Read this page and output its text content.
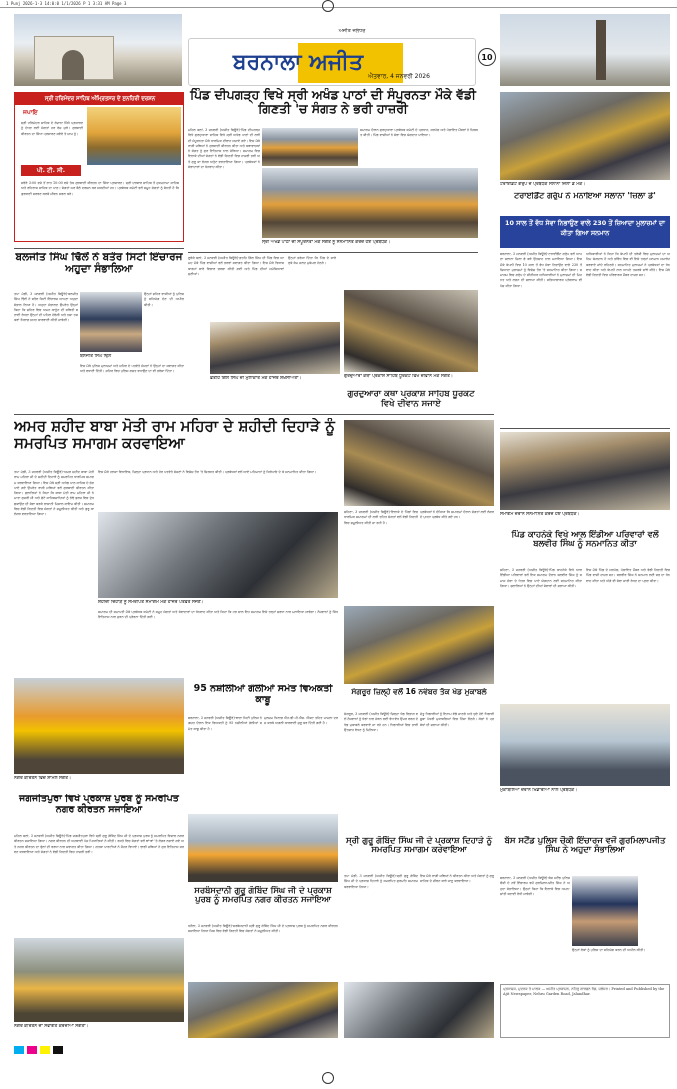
1 Punj 2026-1-3 14:0:0 1/1/2026 P 1 3:31 AM Page 3
ਬਰਨਾਲਾ ਅਜੀਤ
ਐਤਵਾਰ, 4 ਜਨਵਰੀ 2026
ਅਜੀਤ ਜਲੰਧਰ
10
ਸ੍ਰੀ ਹਰਿਮੰਦਰ ਸਾਹਿਬ ਅੰਮ੍ਰਿਤਸਰ ਦੇ ਸੁਨਹਿਰੀ ਦਰਸ਼ਨ
ਜਪਾਇ
ਸ੍ਰੀ ਹਰਿਮੰਦਰ ਸਾਹਿਬ ਦੇ ਰੋਜ਼ਾਨਾ ਸਿੱਧੇ ਪ੍ਰਸਾਰਣ ਨੂੰ ਦੇਖਣ ਲਈ ਸੰਗਤਾਂ ਹਰ ਰੋਜ਼ ਜੁੜੋ। ਗੁਰਬਾਣੀ ਕੀਰਤਨ ਦਾ ਸਿੱਧਾ ਪ੍ਰਸਾਰਣ ਸਵੇਰੇ ਤੇ ਸ਼ਾਮ ਨੂੰ।
ਪੀ. ਟੀ. ਸੀ.
ਸਵੇਰੇ 3:00 ਵਜੇ ਤੋਂ ਰਾਤ 10:00 ਵਜੇ ਤੱਕ ਗੁਰਬਾਣੀ ਕੀਰਤਨ ਦਾ ਸਿੱਧਾ ਪ੍ਰਸਾਰਣ। ਸ੍ਰੀ ਦਰਬਾਰ ਸਾਹਿਬ ਤੋਂ ਹੁਕਮਨਾਮਾ ਸਾਹਿਬ ਅਤੇ ਰਹਿਰਾਸ ਸਾਹਿਬ ਦਾ ਪਾਠ। ਸੰਗਤਾਂ ਘਰ ਬੈਠੇ ਦਰਸ਼ਨ ਕਰ ਸਕਦੀਆਂ ਹਨ। ਪ੍ਰਬੰਧਕ ਕਮੇਟੀ ਵਲੋਂ ਸਮੂਹ ਸੰਗਤਾਂ ਨੂੰ ਬੇਨਤੀ ਹੈ ਕਿ ਗੁਰਬਾਣੀ ਸਰਵਣ ਕਰਕੇ ਜੀਵਨ ਸਫਲ ਕਰੋ।
ਪਿੰਡ ਦੀਪਗੜ੍ਹ ਵਿਖੇ ਸ੍ਰੀ ਅਖੰਡ ਪਾਠਾਂ ਦੀ ਸੰਪੂਰਨਤਾ ਮੌਕੇ ਵੱਡੀ ਗਿਣਤੀ 'ਚ ਸੰਗਤ ਨੇ ਭਰੀ ਹਾਜ਼ਰੀ
ਮਹਿਲ ਕਲਾਂ, 3 ਜਨਵਰੀ (ਅਜੀਤ ਬਿਊਰੋ)-ਪਿੰਡ ਦੀਪਗੜ੍ਹ ਵਿਖੇ ਗੁਰਦੁਆਰਾ ਸਾਹਿਬ ਵਿਖੇ ਸ੍ਰੀ ਅਖੰਡ ਪਾਠਾਂ ਦੀ ਲੜੀ ਦੀ ਸੰਪੂਰਨਤਾ ਮੌਕੇ ਧਾਰਮਿਕ ਦੀਵਾਨ ਸਜਾਏ ਗਏ। ਇਸ ਮੌਕੇ ਰਾਗੀ ਜਥਿਆਂ ਨੇ ਗੁਰਬਾਣੀ ਕੀਰਤਨ ਕੀਤਾ ਅਤੇ ਕਥਾਵਾਚਕਾਂ ਨੇ ਸੰਗਤ ਨੂੰ ਗੁਰ ਇਤਿਹਾਸ ਨਾਲ ਜੋੜਿਆ। ਸਮਾਗਮ ਵਿਚ ਇਲਾਕੇ ਦੀਆਂ ਸੰਗਤਾਂ ਨੇ ਵੱਡੀ ਗਿਣਤੀ ਵਿਚ ਹਾਜ਼ਰੀ ਭਰੀ ਅਤੇ ਗੁਰੂ ਕਾ ਲੰਗਰ ਅਤੁੱਟ ਵਰਤਾਇਆ ਗਿਆ। ਪ੍ਰਬੰਧਕਾਂ ਨੇ ਸੇਵਾਦਾਰਾਂ ਦਾ ਧੰਨਵਾਦ ਕੀਤਾ।
ਸਮਾਗਮ ਦੌਰਾਨ ਗੁਰਦੁਆਰਾ ਪ੍ਰਬੰਧਕ ਕਮੇਟੀ ਦੇ ਪ੍ਰਧਾਨ, ਸਰਪੰਚ ਅਤੇ ਪੰਚਾਇਤ ਮੈਂਬਰਾਂ ਨੇ ਸ਼ਿਰਕਤ ਕੀਤੀ। ਪਿੰਡ ਵਾਸੀਆਂ ਨੇ ਸੇਵਾ ਵਿਚ ਯੋਗਦਾਨ ਪਾਇਆ।
ਸ੍ਰੀ ਅਖੰਡ ਪਾਠਾਂ ਦੀ ਸੰਪੂਰਨਤਾ ਮੌਕੇ ਸੰਗਤ ਨੂੰ ਸਨਮਾਨਿਤ ਕਰਦੇ ਹੋਏ ਪ੍ਰਬੰਧਕ।
ਟਰਾਈਡੈਂਟ ਗਰੁੱਪ ਦੇ ਪ੍ਰਬੰਧਕ ਸਲਾਨਾ ਜ਼ਿਲਾ ਡੇ ਮੌਕੇ।
ਟਰਾਈਡੈਂਟ ਗਰੁੱਪ ਨੇ ਮਨਾਇਆ ਸਲਾਨਾ 'ਜ਼ਿਲਾ ਡੇ'
10 ਸਾਲ ਤੋਂ ਵੱਧ ਸੇਵਾ ਨਿਭਾਉਣ ਵਾਲੇ 230 ਤੋਂ ਜ਼ਿਆਦਾ ਮੁਲਾਜ਼ਮਾਂ ਦਾ ਕੀਤਾ ਗਿਆ ਸਨਮਾਨ
ਬਰਨਾਲਾ, 3 ਜਨਵਰੀ (ਅਜੀਤ ਬਿਊਰੋ)-ਟਰਾਈਡੈਂਟ ਗਰੁੱਪ ਵਲੋਂ ਆਪਣਾ ਸਲਾਨਾ ਜ਼ਿਲਾ ਡੇ ਬੜੇ ਉਤਸ਼ਾਹ ਨਾਲ ਮਨਾਇਆ ਗਿਆ। ਇਸ ਮੌਕੇ ਕੰਪਨੀ ਵਿਚ 10 ਸਾਲ ਤੋਂ ਵੱਧ ਸੇਵਾ ਨਿਭਾਉਣ ਵਾਲੇ 230 ਤੋਂ ਜ਼ਿਆਦਾ ਮੁਲਾਜ਼ਮਾਂ ਨੂੰ ਵਿਸ਼ੇਸ਼ ਤੌਰ 'ਤੇ ਸਨਮਾਨਿਤ ਕੀਤਾ ਗਿਆ। ਸਮਾਗਮ ਵਿਚ ਗਰੁੱਪ ਦੇ ਸੀਨੀਅਰ ਅਧਿਕਾਰੀਆਂ ਨੇ ਮੁਲਾਜ਼ਮਾਂ ਦੀ ਮਿਹਨਤ ਅਤੇ ਲਗਨ ਦੀ ਸ਼ਲਾਘਾ ਕੀਤੀ। ਸਭਿਆਚਾਰਕ ਪ੍ਰੋਗਰਾਮ ਵੀ ਪੇਸ਼ ਕੀਤਾ ਗਿਆ।
ਅਧਿਕਾਰੀਆਂ ਨੇ ਕਿਹਾ ਕਿ ਕੰਪਨੀ ਦੀ ਤਰੱਕੀ ਵਿਚ ਮੁਲਾਜ਼ਮਾਂ ਦਾ ਅਹਿਮ ਯੋਗਦਾਨ ਹੈ ਅਤੇ ਭਵਿੱਖ ਵਿਚ ਵੀ ਇਸੇ ਤਰ੍ਹਾਂ ਸਨਮਾਨ ਸਮਾਰੋਹ ਕਰਵਾਏ ਜਾਂਦੇ ਰਹਿਣਗੇ। ਸਨਮਾਨਿਤ ਮੁਲਾਜ਼ਮਾਂ ਨੇ ਪ੍ਰਬੰਧਕਾਂ ਦਾ ਧੰਨਵਾਦ ਕੀਤਾ ਅਤੇ ਕੰਪਨੀ ਨਾਲ ਆਪਣੇ ਤਜਰਬੇ ਸਾਂਝੇ ਕੀਤੇ। ਇਸ ਮੌਕੇ ਵੱਡੀ ਗਿਣਤੀ ਵਿਚ ਪਰਿਵਾਰਕ ਮੈਂਬਰ ਹਾਜ਼ਰ ਸਨ।
ਬਲਜੀਤ ਸਿੰਘ ਢਿੱਲੋਂ ਨੇ ਬਤੌਰ ਸਿਟੀ ਇੰਚਾਰਜ ਅਹੁਦਾ ਸੰਭਾਲਿਆ
ਤਪਾ ਮੰਡੀ, 3 ਜਨਵਰੀ (ਅਜੀਤ ਬਿਊਰੋ)-ਬਲਜੀਤ ਸਿੰਘ ਢਿੱਲੋਂ ਨੇ ਬਤੌਰ ਸਿਟੀ ਇੰਚਾਰਜ ਆਪਣਾ ਅਹੁਦਾ ਸੰਭਾਲ ਲਿਆ ਹੈ। ਅਹੁਦਾ ਸੰਭਾਲਣ ਉਪਰੰਤ ਉਨ੍ਹਾਂ ਕਿਹਾ ਕਿ ਸ਼ਹਿਰ ਵਿਚ ਅਮਨ ਕਾਨੂੰਨ ਦੀ ਸਥਿਤੀ ਬਣਾਈ ਰੱਖਣਾ ਉਨ੍ਹਾਂ ਦੀ ਪਹਿਲ ਹੋਵੇਗੀ ਅਤੇ ਨਸ਼ਾ ਤਸਕਰਾਂ ਖ਼ਿਲਾਫ਼ ਸਖ਼ਤ ਕਾਰਵਾਈ ਕੀਤੀ ਜਾਵੇਗੀ।
ਉਨ੍ਹਾਂ ਸ਼ਹਿਰ ਵਾਸੀਆਂ ਨੂੰ ਪੁਲਿਸ ਨੂੰ ਸਹਿਯੋਗ ਦੇਣ ਦੀ ਅਪੀਲ ਕੀਤੀ।
ਬਲਜੀਤ ਸਿੰਘ ਢਿੱਲੋਂ
ਇਸ ਮੌਕੇ ਪੁਲਿਸ ਮੁਲਾਜ਼ਮਾਂ ਅਤੇ ਸ਼ਹਿਰ ਦੇ ਪਤਵੰਤੇ ਸੱਜਣਾਂ ਨੇ ਉਨ੍ਹਾਂ ਦਾ ਸਵਾਗਤ ਕੀਤਾ ਅਤੇ ਵਧਾਈ ਦਿੱਤੀ। ਸ਼ਹਿਰ ਵਿਚ ਪੁਲਿਸ ਗਸ਼ਤ ਵਧਾਉਣ ਦਾ ਵੀ ਭਰੋਸਾ ਦਿੱਤਾ।
ਰੂੜੇਕੇ ਕਲਾਂ, 3 ਜਨਵਰੀ (ਅਜੀਤ ਬਿਊਰੋ)-ਫ਼ਤਹਿ ਗਿੱਲ ਸਿੰਘ ਦੀ ਪਿੰਡ ਵਿਚ ਆਮਦ ਮੌਕੇ ਪਿੰਡ ਵਾਸੀਆਂ ਵਲੋਂ ਭਰਵਾਂ ਸਵਾਗਤ ਕੀਤਾ ਗਿਆ। ਇਸ ਮੌਕੇ ਵਿਕਾਸ ਕਾਰਜਾਂ ਬਾਰੇ ਵਿਚਾਰ ਚਰਚਾ ਕੀਤੀ ਗਈ ਅਤੇ ਪਿੰਡ ਦੀਆਂ ਸਮੱਸਿਆਵਾਂ ਸੁਣੀਆਂ।
ਉਨ੍ਹਾਂ ਭਰੋਸਾ ਦਿੱਤਾ ਕਿ ਪਿੰਡ ਦੇ ਸਾਰੇ ਰੁਕੇ ਕੰਮ ਜਲਦ ਮੁਕੰਮਲ ਹੋਣਗੇ।
ਫ਼ਤਹਿ ਗਿੱਲ ਸਿੰਘ ਦੀ ਮੁਲਾਕਾਤ ਮੌਕੇ ਹਾਜ਼ਰ ਸ਼ਖ਼ਸੀਅਤਾਂ।	ਗੁਰਦੁਆਰਾ ਕਥਾ ਪ੍ਰਕਾਸ਼ ਸਾਹਿਬ ਧੂਰਕੋਟ ਵਿਖੇ ਦੀਵਾਨ ਮੌਕੇ ਸੰਗਤ।
ਗੁਰਦੁਆਰਾ ਕਥਾ ਪ੍ਰਕਾਸ਼ ਸਾਹਿਬ ਧੂਰਕੋਟ ਵਿਖੇ ਦੀਵਾਨ ਸਜਾਏ
ਅਮਰ ਸ਼ਹੀਦ ਬਾਬਾ ਮੋਤੀ ਰਾਮ ਮਹਿਰਾ ਦੇ ਸ਼ਹੀਦੀ ਦਿਹਾੜੇ ਨੂੰ ਸਮਰਪਿਤ ਸਮਾਗਮ ਕਰਵਾਇਆ
ਤਪਾ ਮੰਡੀ, 3 ਜਨਵਰੀ (ਅਜੀਤ ਬਿਊਰੋ)-ਅਮਰ ਸ਼ਹੀਦ ਬਾਬਾ ਮੋਤੀ ਰਾਮ ਮਹਿਰਾ ਜੀ ਦੇ ਸ਼ਹੀਦੀ ਦਿਹਾੜੇ ਨੂੰ ਸਮਰਪਿਤ ਧਾਰਮਿਕ ਸਮਾਗਮ ਕਰਵਾਇਆ ਗਿਆ। ਇਸ ਮੌਕੇ ਸ੍ਰੀ ਅਖੰਡ ਪਾਠ ਸਾਹਿਬ ਦੇ ਭੋਗ ਪਾਏ ਗਏ ਉਪਰੰਤ ਰਾਗੀ ਜਥਿਆਂ ਵਲੋਂ ਗੁਰਬਾਣੀ ਕੀਰਤਨ ਕੀਤਾ ਗਿਆ। ਬੁਲਾਰਿਆਂ ਨੇ ਕਿਹਾ ਕਿ ਬਾਬਾ ਮੋਤੀ ਰਾਮ ਮਹਿਰਾ ਜੀ ਨੇ ਮਾਤਾ ਗੁਜਰੀ ਜੀ ਅਤੇ ਛੋਟੇ ਸਾਹਿਬਜ਼ਾਦਿਆਂ ਨੂੰ ਠੰਢੇ ਬੁਰਜ ਵਿਚ ਦੁੱਧ ਛਕਾਉਣ ਦੀ ਸੇਵਾ ਕਰਕੇ ਲਾਸਾਨੀ ਮਿਸਾਲ ਕਾਇਮ ਕੀਤੀ। ਸਮਾਗਮ ਵਿਚ ਵੱਡੀ ਗਿਣਤੀ ਵਿਚ ਸੰਗਤਾਂ ਨੇ ਸ਼ਮੂਲੀਅਤ ਕੀਤੀ ਅਤੇ ਗੁਰੂ ਕਾ ਲੰਗਰ ਵਰਤਾਇਆ ਗਿਆ।
ਇਸ ਮੌਕੇ ਹਲਕਾ ਵਿਧਾਇਕ, ਜ਼ਿਲ੍ਹਾ ਪ੍ਰਧਾਨ ਅਤੇ ਹੋਰ ਪਤਵੰਤੇ ਸੱਜਣਾਂ ਨੇ ਵਿਸ਼ੇਸ਼ ਤੌਰ 'ਤੇ ਸ਼ਿਰਕਤ ਕੀਤੀ। ਪ੍ਰਬੰਧਕਾਂ ਵਲੋਂ ਆਏ ਮਹਿਮਾਨਾਂ ਨੂੰ ਸਿਰੋਪਾਓ ਦੇ ਕੇ ਸਨਮਾਨਿਤ ਕੀਤਾ ਗਿਆ।
ਸ਼ਹੀਦੀ ਦਿਹਾੜੇ ਨੂੰ ਸਮਰਪਿਤ ਸਮਾਗਮ ਮੌਕੇ ਹਾਜ਼ਰ ਪਤਵੰਤੇ ਸੱਜਣ।
ਸਮਾਗਮ ਦੀ ਸਮਾਪਤੀ ਮੌਕੇ ਪ੍ਰਬੰਧਕ ਕਮੇਟੀ ਨੇ ਸਮੂਹ ਸੰਗਤਾਂ ਅਤੇ ਸੇਵਾਦਾਰਾਂ ਦਾ ਧੰਨਵਾਦ ਕੀਤਾ ਅਤੇ ਕਿਹਾ ਕਿ ਹਰ ਸਾਲ ਇਹ ਸਮਾਗਮ ਇਸੇ ਤਰ੍ਹਾਂ ਸ਼ਰਧਾ ਨਾਲ ਮਨਾਇਆ ਜਾਵੇਗਾ। ਨੌਜਵਾਨਾਂ ਨੂੰ ਸਿੱਖ ਇਤਿਹਾਸ ਨਾਲ ਜੁੜਨ ਦੀ ਪ੍ਰੇਰਨਾ ਦਿੱਤੀ ਗਈ।
ਸ਼ਹਿਣਾ, 3 ਜਨਵਰੀ (ਅਜੀਤ ਬਿਊਰੋ)-ਇਲਾਕੇ ਦੇ ਪਿੰਡਾਂ ਵਿਚ ਧਾਰਮਿਕ ਸਮਾਗਮਾਂ ਦੀ ਲੜੀ ਤਹਿਤ ਸੰਗਤਾਂ ਵਲੋਂ ਵੱਡੀ ਗਿਣਤੀ ਵਿਚ ਸ਼ਮੂਲੀਅਤ ਕੀਤੀ ਜਾ ਰਹੀ ਹੈ।
ਪ੍ਰਬੰਧਕਾਂ ਨੇ ਦੱਸਿਆ ਕਿ ਸਮਾਗਮਾਂ ਦੌਰਾਨ ਸੰਗਤਾਂ ਲਈ ਲੰਗਰ ਦੇ ਪੁਖਤਾ ਪ੍ਰਬੰਧ ਕੀਤੇ ਗਏ ਹਨ।
ਸਮਾਗਮ ਦੌਰਾਨ ਸਨਮਾਨਿਤ ਕਰਦੇ ਹੋਏ ਪ੍ਰਬੰਧਕ।
ਪਿੰਡ ਕਾਹਨੇਕੇ ਵਿਖੇ ਆਲ ਇੰਡੀਆ ਪਰਿਵਾਰਾਂ ਵਲੋਂ ਬਲਵੀਰ ਸਿੰਘ ਨੂੰ ਸਨਮਾਨਿਤ ਕੀਤਾ
ਸ਼ਹਿਣਾ, 3 ਜਨਵਰੀ (ਅਜੀਤ ਬਿਊਰੋ)-ਪਿੰਡ ਕਾਹਨੇਕੇ ਵਿਖੇ ਆਲ ਇੰਡੀਆ ਪਰਿਵਾਰਾਂ ਵਲੋਂ ਇਕ ਸਮਾਗਮ ਦੌਰਾਨ ਬਲਵੀਰ ਸਿੰਘ ਨੂੰ ਸਮਾਜ ਸੇਵਾ ਦੇ ਖੇਤਰ ਵਿਚ ਪਾਏ ਯੋਗਦਾਨ ਲਈ ਸਨਮਾਨਿਤ ਕੀਤਾ ਗਿਆ। ਬੁਲਾਰਿਆਂ ਨੇ ਉਨ੍ਹਾਂ ਦੀਆਂ ਸੇਵਾਵਾਂ ਦੀ ਸ਼ਲਾਘਾ ਕੀਤੀ।
ਇਸ ਮੌਕੇ ਪਿੰਡ ਦੇ ਸਰਪੰਚ, ਪੰਚਾਇਤ ਮੈਂਬਰ ਅਤੇ ਵੱਡੀ ਗਿਣਤੀ ਵਿਚ ਪਿੰਡ ਵਾਸੀ ਹਾਜ਼ਰ ਸਨ। ਬਲਵੀਰ ਸਿੰਘ ਨੇ ਸਨਮਾਨ ਲਈ ਸਭ ਦਾ ਧੰਨਵਾਦ ਕੀਤਾ ਅਤੇ ਅੱਗੇ ਵੀ ਸੇਵਾ ਜਾਰੀ ਰੱਖਣ ਦਾ ਪ੍ਰਣ ਕੀਤਾ।
ਨਗਰ ਕੀਰਤਨ ਵਿਚ ਸ਼ਾਮਲ ਸੰਗਤ।
ਜਗਜੀਤਪੁਰਾ ਵਿਖੇ ਪ੍ਰਕਾਸ਼ ਪੁਰਬ ਨੂੰ ਸਮਰਪਿਤ ਨਗਰ ਕੀਰਤਨ ਸਜਾਇਆ
ਮਹਿਲ ਕਲਾਂ, 3 ਜਨਵਰੀ (ਅਜੀਤ ਬਿਊਰੋ)-ਪਿੰਡ ਜਗਜੀਤਪੁਰਾ ਵਿਖੇ ਸ੍ਰੀ ਗੁਰੂ ਗੋਬਿੰਦ ਸਿੰਘ ਜੀ ਦੇ ਪ੍ਰਕਾਸ਼ ਪੁਰਬ ਨੂੰ ਸਮਰਪਿਤ ਵਿਸ਼ਾਲ ਨਗਰ ਕੀਰਤਨ ਸਜਾਇਆ ਗਿਆ। ਨਗਰ ਕੀਰਤਨ ਦੀ ਅਗਵਾਈ ਪੰਜ ਪਿਆਰਿਆਂ ਨੇ ਕੀਤੀ। ਰਸਤੇ ਵਿਚ ਸੰਗਤਾਂ ਵਲੋਂ ਥਾਂ-ਥਾਂ 'ਤੇ ਲੰਗਰ ਲਗਾਏ ਗਏ ਅਤੇ ਨਗਰ ਕੀਰਤਨ ਦਾ ਫੁੱਲਾਂ ਦੀ ਵਰਖਾ ਨਾਲ ਸਵਾਗਤ ਕੀਤਾ ਗਿਆ। ਗਤਕਾ ਪਾਰਟੀਆਂ ਨੇ ਜੌਹਰ ਵਿਖਾਏ। ਢਾਡੀ ਜਥਿਆਂ ਨੇ ਗੁਰ ਇਤਿਹਾਸ ਸਰਵਣ ਕਰਵਾਇਆ ਅਤੇ ਸੰਗਤਾਂ ਨੇ ਵੱਡੀ ਗਿਣਤੀ ਵਿਚ ਹਾਜ਼ਰੀ ਭਰੀ।
95 ਨਸ਼ੀਲੀਆਂ ਗੋਲੀਆਂ ਸਮੇਤ ਵਿਅਕਤੀ ਕਾਬੂ
ਬਰਨਾਲਾ, 3 ਜਨਵਰੀ (ਅਜੀਤ ਬਿਊਰੋ)-ਥਾਣਾ ਸਿਟੀ ਪੁਲਿਸ ਨੇ ਗਸ਼ਤ ਦੌਰਾਨ ਇਕ ਵਿਅਕਤੀ ਨੂੰ 95 ਨਸ਼ੀਲੀਆਂ ਗੋਲੀਆਂ ਸਮੇਤ ਕਾਬੂ ਕੀਤਾ ਹੈ।
ਮੁਲਜ਼ਮ ਖ਼ਿਲਾਫ਼ ਐਨ.ਡੀ.ਪੀ.ਐਸ. ਐਕਟ ਤਹਿਤ ਮਾਮਲਾ ਦਰਜ ਕਰਕੇ ਅਗਲੀ ਕਾਰਵਾਈ ਸ਼ੁਰੂ ਕਰ ਦਿੱਤੀ ਗਈ ਹੈ।
ਸਰਬੰਸਦਾਨੀ ਗੁਰੂ ਗੋਬਿੰਦ ਸਿੰਘ ਜੀ ਦੇ ਪ੍ਰਕਾਸ਼ ਪੁਰਬ ਨੂੰ ਸਮਰਪਿਤ ਨਗਰ ਕੀਰਤਨ ਸਜਾਇਆ
ਧਨੌਲਾ, 3 ਜਨਵਰੀ (ਅਜੀਤ ਬਿਊਰੋ)-ਸਰਬੰਸਦਾਨੀ ਸ੍ਰੀ ਗੁਰੂ ਗੋਬਿੰਦ ਸਿੰਘ ਜੀ ਦੇ ਪ੍ਰਕਾਸ਼ ਪੁਰਬ ਨੂੰ ਸਮਰਪਿਤ ਨਗਰ ਕੀਰਤਨ ਸਜਾਇਆ ਗਿਆ ਜਿਸ ਵਿਚ ਵੱਡੀ ਗਿਣਤੀ ਵਿਚ ਸੰਗਤਾਂ ਨੇ ਸ਼ਮੂਲੀਅਤ ਕੀਤੀ।
ਸੰਗਰੂਰ ਜ਼ਿਲ੍ਹੇ ਵਲੋਂ 16 ਨਵੰਬਰ ਤੱਕ ਖੇਡ ਮੁਕਾਬਲੇ
ਸੰਗਰੂਰ, 3 ਜਨਵਰੀ (ਅਜੀਤ ਬਿਊਰੋ)-ਜ਼ਿਲ੍ਹਾ ਖੇਡ ਵਿਭਾਗ ਵਲੋਂ ਨੌਜਵਾਨਾਂ ਨੂੰ ਖੇਡਾਂ ਨਾਲ ਜੋੜਨ ਲਈ ਵੱਖ-ਵੱਖ ਉਮਰ ਵਰਗ ਦੇ ਖੇਡ ਮੁਕਾਬਲੇ ਕਰਵਾਏ ਜਾ ਰਹੇ ਹਨ। ਖਿਡਾਰੀਆਂ ਵਿਚ ਭਾਰੀ ਉਤਸ਼ਾਹ ਵੇਖਣ ਨੂੰ ਮਿਲਿਆ।
ਜੇਤੂ ਖਿਡਾਰੀਆਂ ਨੂੰ ਇਨਾਮ ਵੰਡੇ ਜਾਣਗੇ ਅਤੇ ਚੁਣੇ ਹੋਏ ਖਿਡਾਰੀ ਸੂਬਾ ਪੱਧਰੀ ਮੁਕਾਬਲਿਆਂ ਵਿਚ ਹਿੱਸਾ ਲੈਣਗੇ। ਕੋਚਾਂ ਨੇ ਪ੍ਰਬੰਧਾਂ ਦੀ ਸ਼ਲਾਘਾ ਕੀਤੀ।
ਸ੍ਰੀ ਗੁਰੂ ਗੋਬਿੰਦ ਸਿੰਘ ਜੀ ਦੇ ਪ੍ਰਕਾਸ਼ ਦਿਹਾੜੇ ਨੂੰ ਸਮਰਪਿਤ ਸਮਾਗਮ ਕਰਵਾਇਆ
ਤਪਾ ਮੰਡੀ, 3 ਜਨਵਰੀ (ਅਜੀਤ ਬਿਊਰੋ)-ਸ੍ਰੀ ਗੁਰੂ ਗੋਬਿੰਦ ਸਿੰਘ ਜੀ ਦੇ ਪ੍ਰਕਾਸ਼ ਦਿਹਾੜੇ ਨੂੰ ਸਮਰਪਿਤ ਗੁਰਮਤਿ ਸਮਾਗਮ ਕਰਵਾਇਆ ਗਿਆ।
ਇਸ ਮੌਕੇ ਰਾਗੀ ਜਥਿਆਂ ਨੇ ਕੀਰਤਨ ਕੀਤਾ ਅਤੇ ਸੰਗਤਾਂ ਨੂੰ ਗੁਰੂ ਸਾਹਿਬ ਦੇ ਜੀਵਨ ਬਾਰੇ ਜਾਣੂ ਕਰਵਾਇਆ।
ਮੁਕਾਬਲਿਆਂ ਦੌਰਾਨ ਖਿਡਾਰੀਆਂ ਨਾਲ ਪ੍ਰਬੰਧਕ।
ਬੱਸ ਸਟੈਂਡ ਪੁਲਿਸ ਚੌਕੀ ਇੰਚਾਰਜ ਵਜੋਂ ਗੁਰਮਿਲਾਪਜੀਤ ਸਿੰਘ ਨੇ ਅਹੁਦਾ ਸੰਭਾਲਿਆ
ਬਰਨਾਲਾ, 3 ਜਨਵਰੀ (ਅਜੀਤ ਬਿਊਰੋ)-ਬੱਸ ਸਟੈਂਡ ਪੁਲਿਸ ਚੌਕੀ ਦੇ ਨਵੇਂ ਇੰਚਾਰਜ ਵਜੋਂ ਗੁਰਮਿਲਾਪਜੀਤ ਸਿੰਘ ਨੇ ਅਹੁਦਾ ਸੰਭਾਲਿਆ। ਉਨ੍ਹਾਂ ਕਿਹਾ ਕਿ ਇਲਾਕੇ ਵਿਚ ਅਮਨ-ਸ਼ਾਂਤੀ ਬਣਾਈ ਰੱਖੀ ਜਾਵੇਗੀ।
ਉਨ੍ਹਾਂ ਲੋਕਾਂ ਨੂੰ ਪੁਲਿਸ ਦਾ ਸਹਿਯੋਗ ਕਰਨ ਦੀ ਅਪੀਲ ਕੀਤੀ।
ਨਗਰ ਕੀਰਤਨ ਦਾ ਸਵਾਗਤ ਕਰਦੀਆਂ ਸੰਗਤਾਂ।
ਪ੍ਰਕਾਸ਼ਕ, ਮੁਦਰਕ ਤੇ ਮਾਲਕ — ਅਜੀਤ ਪ੍ਰਕਾਸ਼ਨ, ਨਹਿਰੂ ਗਾਰਡਨ ਰੋਡ, ਜਲੰਧਰ। Printed and Published by the Ajit Newspaper, Nehru Garden Road, Jalandhar.
